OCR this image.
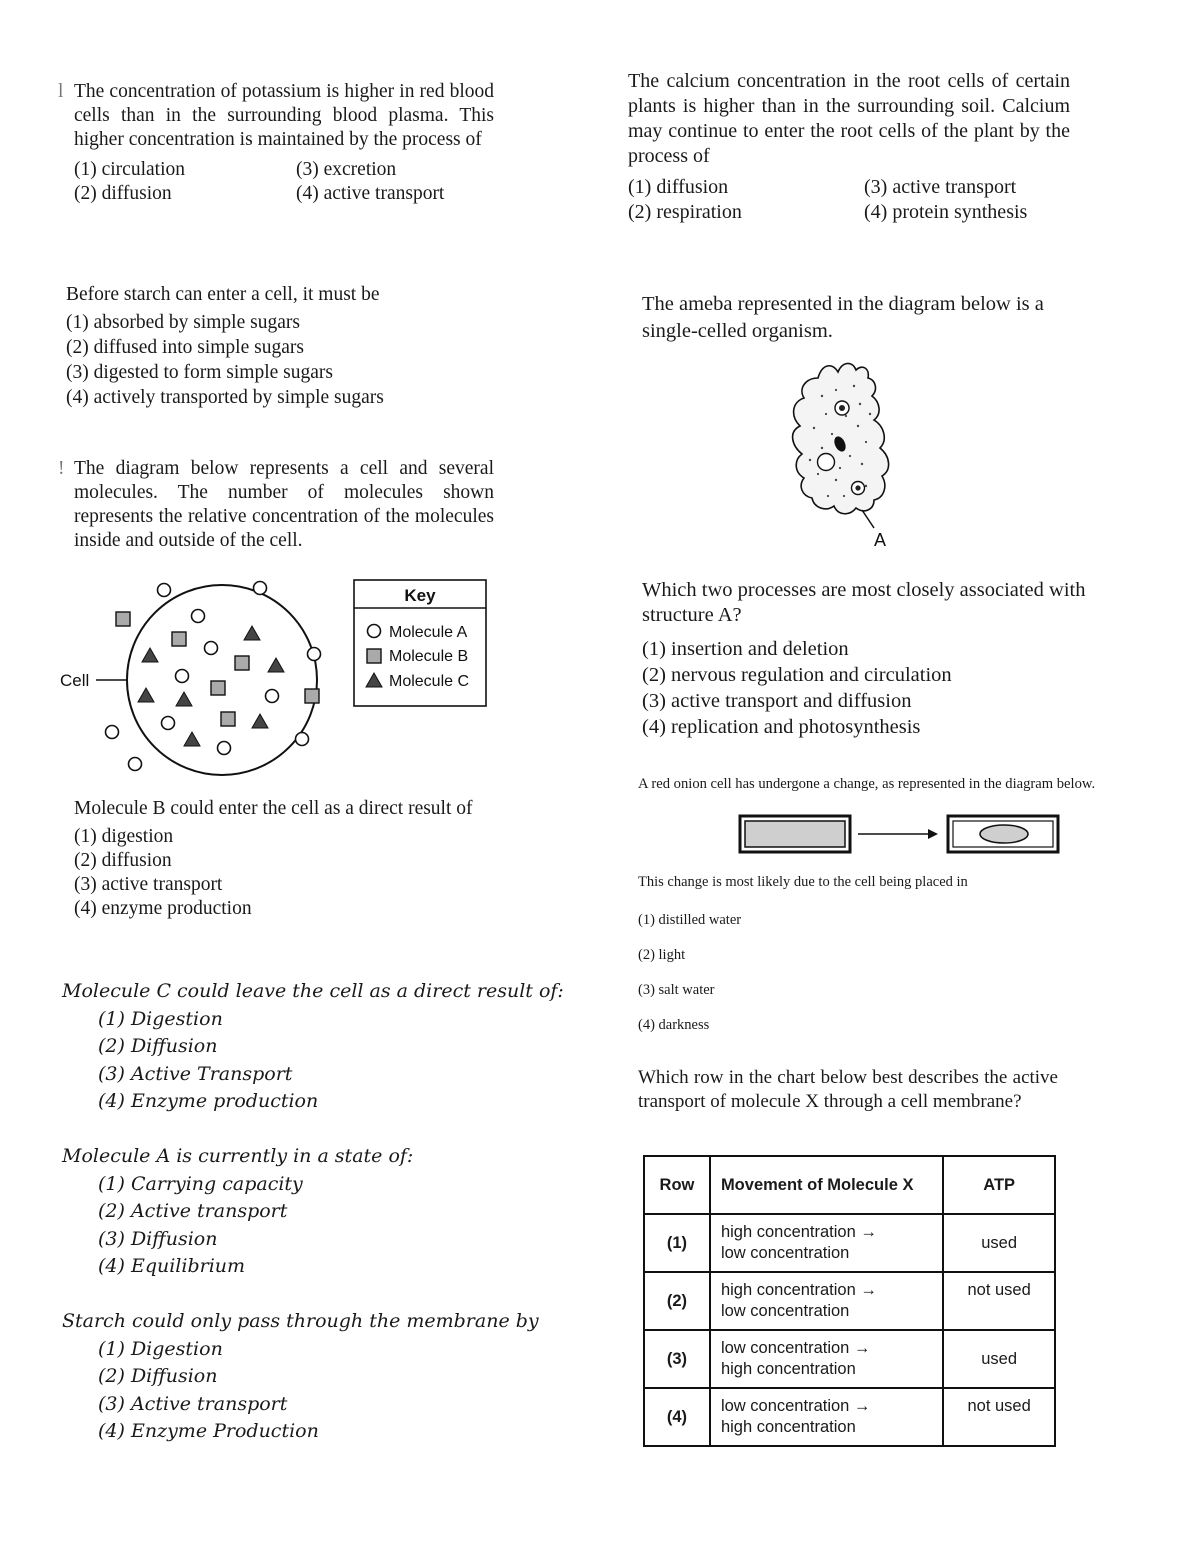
l The concentration of potassium is higher in red blood cells than in the surrounding blood plasma. This higher concentration is maintained by the process of

(1) circulation	(3) excretion
(2) diffusion	(4) active transport

Before starch can enter a cell, it must be

(1) absorbed by simple sugars
(2) diffused into simple sugars
(3) digested to form simple sugars
(4) actively transported by simple sugars
! The diagram below represents a cell and several molecules. The number of molecules shown represents the relative concentration of the molecules inside and outside of the cell.

Cell
Key
Molecule A
Molecule B
Molecule C

Molecule B could enter the cell as a direct result of

(1) digestion
(2) diffusion
(3) active transport
(4) enzyme production
Molecule C could leave the cell as a direct result of:
(1) Digestion
(2) Diffusion
(3) Active Transport
(4) Enzyme production
Molecule A is currently in a state of:
(1) Carrying capacity
(2) Active transport
(3) Diffusion
(4) Equilibrium
Starch could only pass through the membrane by
(1) Digestion
(2) Diffusion
(3) Active transport
(4) Enzyme Production

The calcium concentration in the root cells of certain plants is higher than in the surrounding soil. Calcium may continue to enter the root cells of the plant by the process of

(1) diffusion	(3) active transport
(2) respiration	(4) protein synthesis
The ameba represented in the diagram below is a single-celled organism.
A

Which two processes are most closely associated with structure A?

(1) insertion and deletion
(2) nervous regulation and circulation
(3) active transport and diffusion
(4) replication and photosynthesis
A red onion cell has undergone a change, as represented in the diagram below.

This change is most likely due to the cell being placed in

(1) distilled water
(2) light
(3) salt water
(4) darkness
Which row in the chart below best describes the active transport of molecule X through a cell membrane?
Row	Movement of Molecule X	ATP
(1)	high concentration →
low concentration	used
(2)	high concentration →
low concentration	not used
(3)	low concentration →
high concentration	used
(4)	low concentration →
high concentration	not used
